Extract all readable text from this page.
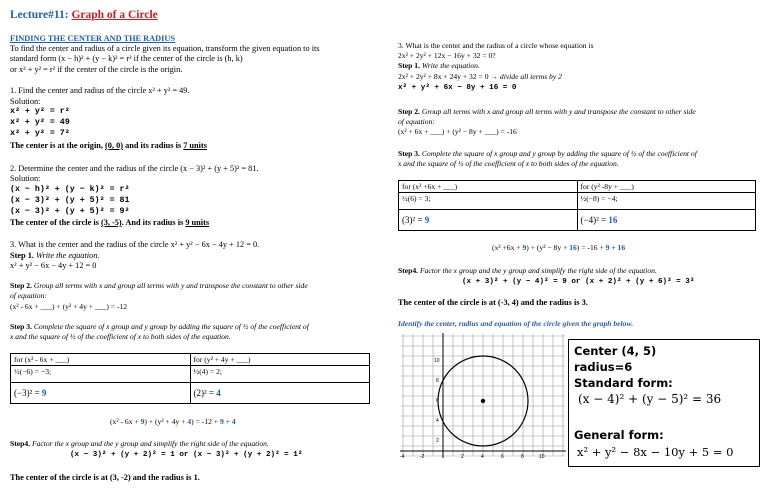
Lecture#11: Graph of a Circle
FINDING THE CENTER AND THE RADIUS
To find the center and radius of a circle given its equation, transform the given equation to its
standard form (x − h)² + (y − k)² = r² if the center of the circle is (h, k)
or x² + y² = r² if the center of the circle is the origin.
1. Find the center and radius of the circle x² + y² = 49.
Solution:
x² + y² = r²
x² + y² = 49
x² + y² = 7²
The center is at the origin, (0, 0) and its radius is 7 units
2. Determine the center and the radius of the circle (x − 3)² + (y + 5)² = 81.
Solution:
(x − h)² + (y − k)² = r²
(x − 3)² + (y + 5)² = 81
(x − 3)² + (y + 5)² = 9²
The center of the circle is (3, -5). And its radius is 9 units
3. What is the center and the radius of the circle x² + y² − 6x − 4y + 12 = 0.
Step 1. Write the equation.
x² + y² − 6x − 4y + 12 = 0
Step 2. Group all terms with x and group all terms with y and transpose the constant to other side
of equation:
(x² - 6x + ___) + (y² + 4y + ___) = -12
Step 3. Complete the square of x group and y group by adding the square of ½ of the coefficient of
x and the square of ½ of the coefficient of x to both sides of the equation.
for (x² - 6x + ___)	for (y² + 4y + ___)
½(−6) = −3;	½(4) = 2;
(−3)² = 9	(2)² = 4
(x² - 6x + 9) + (y² + 4y + 4) = -12 + 9 + 4
Step4. Factor the x group and the y group and simplify the right side of the equation.
(x − 3)² + (y + 2)² = 1 or (x − 3)² + (y + 2)² = 1²
The center of the circle is at (3, -2) and the radius is 1.
3. What is the center and the radius of a circle whose equation is
2x² + 2y² + 12x − 16y + 32 = 0?
Step 1. Write the equation.
2x² + 2y² + 8x + 24y + 32 = 0 → divide all terms by 2
x² + y² + 6x − 8y + 16 = 0
Step 2. Group all terms with x and group all terms with y and transpose the constant to other side
of equation:
(x² + 6x + ___) + (y² − 8y + ___) = -16
Step 3. Complete the square of x group and y group by adding the square of ½ of the coefficient of
x and the square of ½ of the coefficient of x to both sides of the equation.
for (x² +6x + ___)	for (y² -8y + ___)
½(6) = 3;	½(−8) = −4;
(3)² = 9	(−4)² = 16
(x² +6x + 9) + (y² − 8y + 16) = -16 + 9 + 16
Step4. Factor the x group and the y group and simplify the right side of the equation.
(x + 3)² + (y − 4)² = 9 or (x + 2)² + (y + 6)² = 3²
The center of the circle is at (-3, 4) and the radius is 3.
Identify the center, radius and equation of the circle given the graph below.
10
8
6
4
2
-4	-2	2	4	6	8	10
Center (4, 5)
radius=6
Standard form:
(x − 4)² + (y − 5)² = 36
General form:
x² + y² − 8x − 10y + 5 = 0
